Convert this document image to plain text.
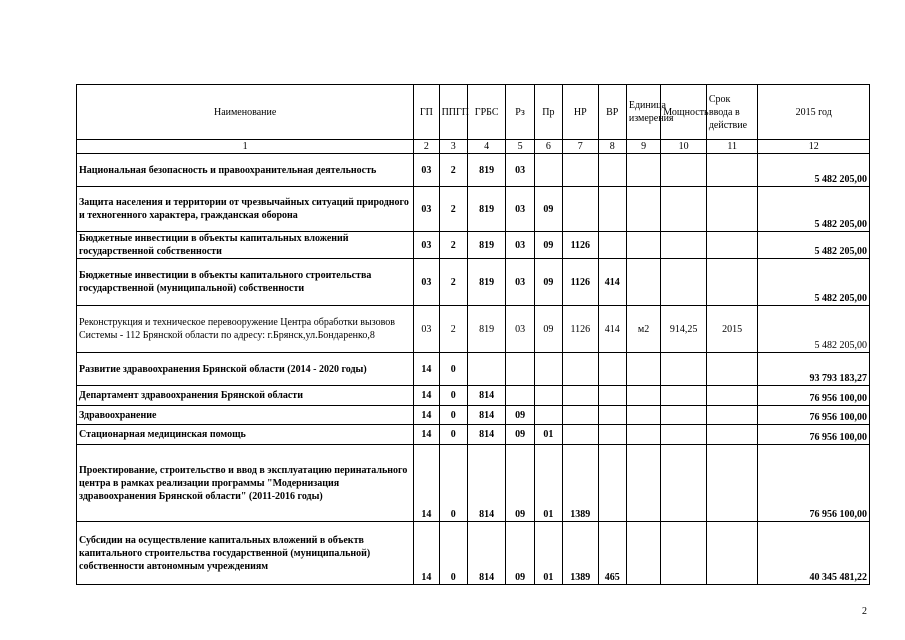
Наименование	ГП	ППГП	ГРБС	Рз	Пр	НР	ВР	Единица измерения	Мощность	Срок ввода в действие	2015 год
1	2	3	4	5	6	7	8	9	10	11	12
Национальная безопасность и правоохранительная деятельность	03	2	819	03							5 482 205,00
Защита населения и территории от чрезвычайных ситуаций природного и техногенного характера, гражданская оборона	03	2	819	03	09						5 482 205,00
Бюджетные инвестиции в объекты капитальных вложений государственной собственности	03	2	819	03	09	1126					5 482 205,00
Бюджетные инвестиции в объекты капитального строительства государственной (муниципальной) собственности	03	2	819	03	09	1126	414				5 482 205,00
Реконструкция и техническое перевооружение Центра обработки вызовов Системы - 112 Брянской области по адресу: г.Брянск,ул.Бондаренко,8	03	2	819	03	09	1126	414	м2	914,25	2015	5 482 205,00
Развитие здравоохранения Брянской области (2014 - 2020 годы)	14	0									93 793 183,27
Департамент здравоохранения Брянской области	14	0	814								76 956 100,00
Здравоохранение	14	0	814	09							76 956 100,00
Стационарная медицинская помощь	14	0	814	09	01						76 956 100,00
Проектирование, строительство и ввод в эксплуатацию перинатального центра в рамках реализации программы "Модернизация здравоохранения Брянской области" (2011-2016 годы)	14	0	814	09	01	1389					76 956 100,00
Субсидии на осуществление капитальных вложений в объектв капитального строительства государственной (муниципальной) собственности автономным учреждениям	14	0	814	09	01	1389	465				40 345 481,22
2
